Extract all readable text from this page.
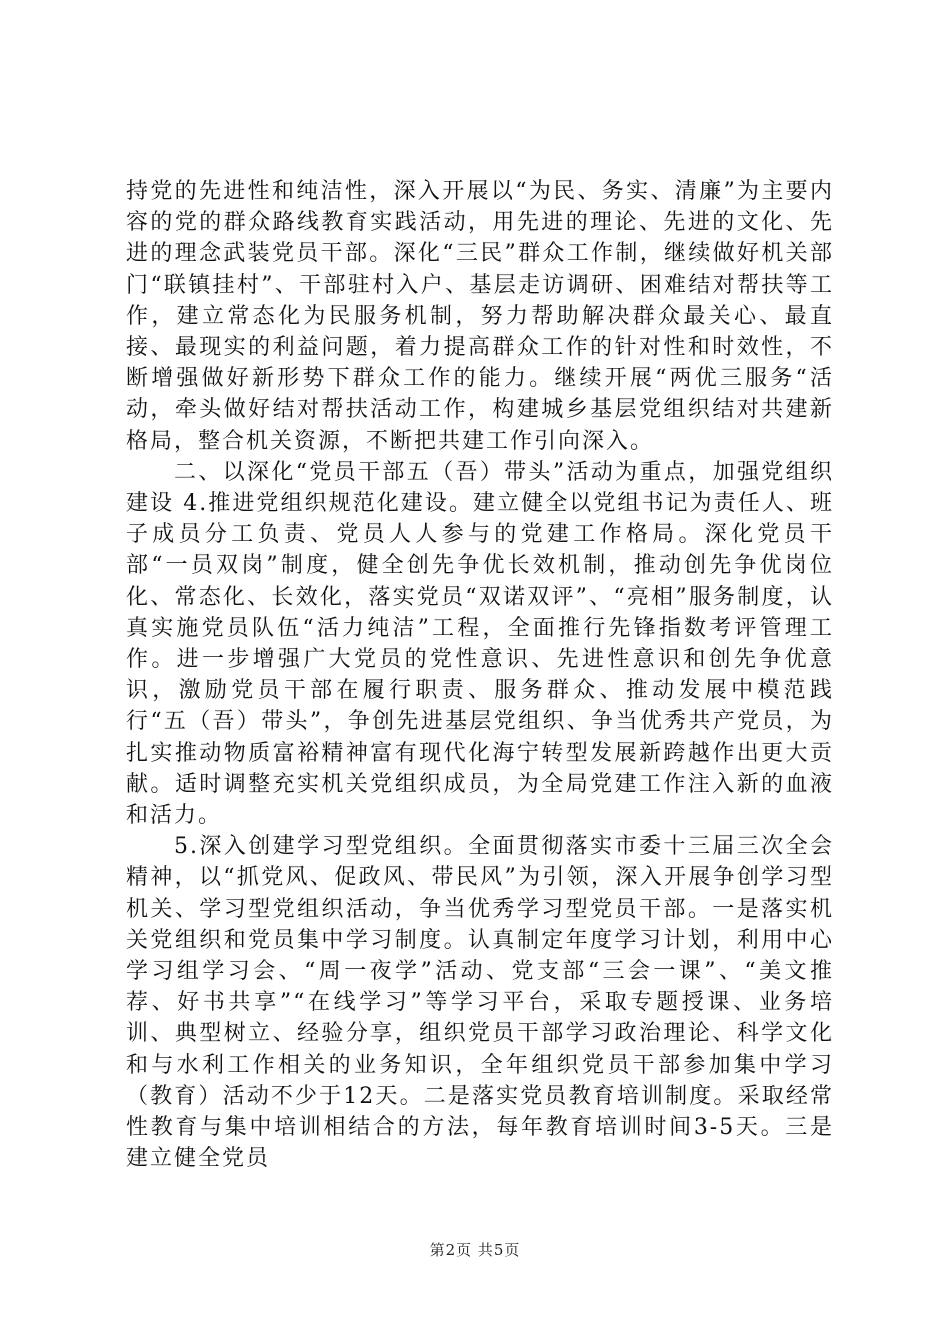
持党的先进性和纯洁性，深入开展以“为民、务实、清廉”为主要内容的党的群众路线教育实践活动，用先进的理论、先进的文化、先进的理念武装党员干部。深化“三民”群众工作制，继续做好机关部门“联镇挂村”、干部驻村入户、基层走访调研、困难结对帮扶等工作，建立常态化为民服务机制，努力帮助解决群众最关心、最直接、最现实的利益问题，着力提高群众工作的针对性和时效性，不断增强做好新形势下群众工作的能力。继续开展“两优三服务“活动，牵头做好结对帮扶活动工作，构建城乡基层党组织结对共建新格局，整合机关资源，不断把共建工作引向深入。

二、以深化“党员干部五（吾）带头”活动为重点，加强党组织建设 4.推进党组织规范化建设。建立健全以党组书记为责任人、班子成员分工负责、党员人人参与的党建工作格局。深化党员干部“一员双岗”制度，健全创先争优长效机制，推动创先争优岗位化、常态化、长效化，落实党员“双诺双评”、“亮相”服务制度，认真实施党员队伍“活力纯洁”工程，全面推行先锋指数考评管理工作。进一步增强广大党员的党性意识、先进性意识和创先争优意识，激励党员干部在履行职责、服务群众、推动发展中模范践行“五（吾）带头”，争创先进基层党组织、争当优秀共产党员，为扎实推动物质富裕精神富有现代化海宁转型发展新跨越作出更大贡献。适时调整充实机关党组织成员，为全局党建工作注入新的血液和活力。

5.深入创建学习型党组织。全面贯彻落实市委十三届三次全会精神，以“抓党风、促政风、带民风”为引领，深入开展争创学习型机关、学习型党组织活动，争当优秀学习型党员干部。一是落实机关党组织和党员集中学习制度。认真制定年度学习计划，利用中心学习组学习会、“周一夜学”活动、党支部“三会一课”、“美文推荐、好书共享”“在线学习”等学习平台，采取专题授课、业务培训、典型树立、经验分享，组织党员干部学习政治理论、科学文化和与水利工作相关的业务知识，全年组织党员干部参加集中学习（教育）活动不少于12天。二是落实党员教育培训制度。采取经常性教育与集中培训相结合的方法，每年教育培训时间3-5天。三是建立健全党员

第2页 共5页
